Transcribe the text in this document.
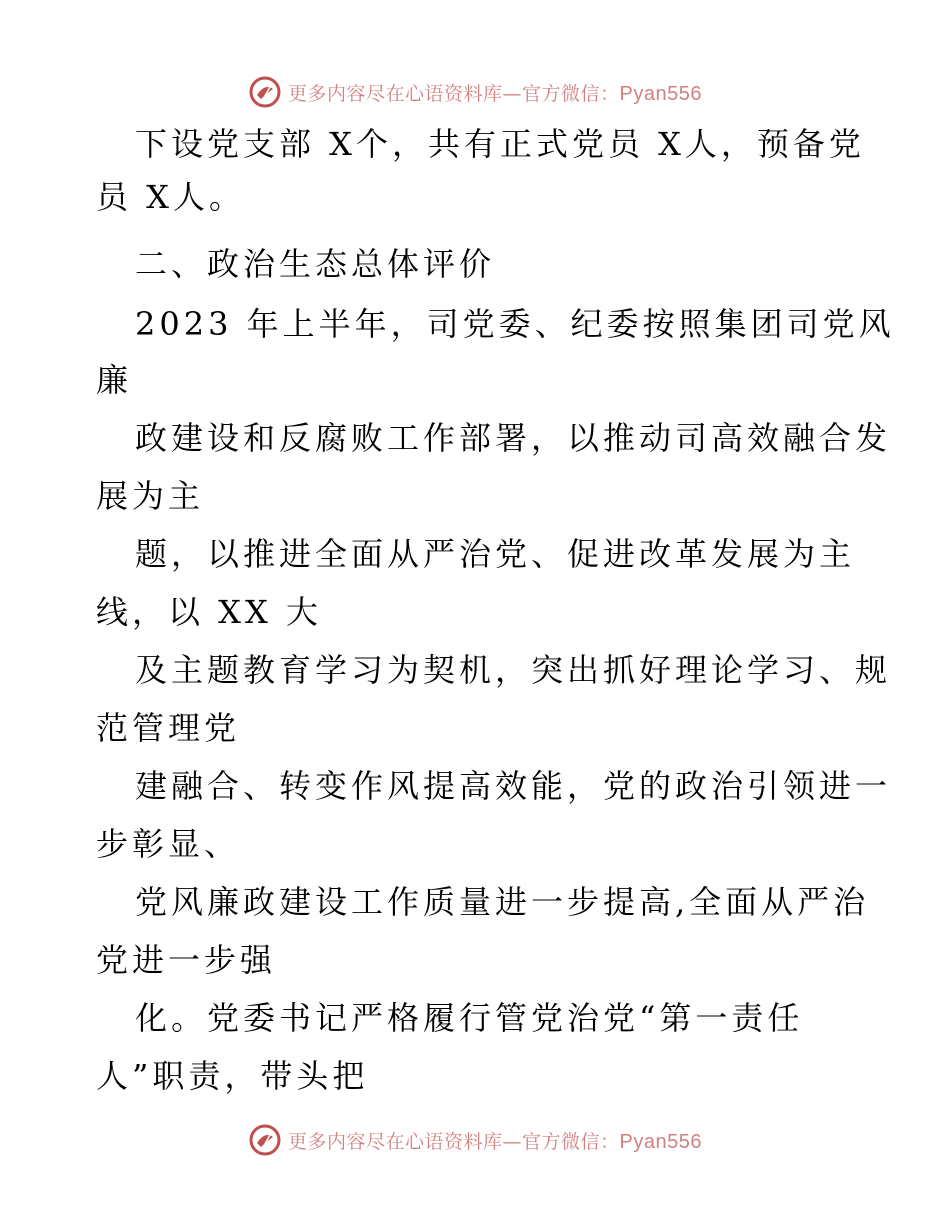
更多内容尽在心语资料库—官方微信：Pyan556
下设党支部 X个，共有正式党员 X人，预备党
员 X人。
二、政治生态总体评价
2023 年上半年，司党委、纪委按照集团司党风
廉
政建设和反腐败工作部署，以推动司高效融合发
展为主
题，以推进全面从严治党、促进改革发展为主
线，以 XX 大
及主题教育学习为契机，突出抓好理论学习、规
范管理党
建融合、转变作风提高效能，党的政治引领进一
步彰显、
党风廉政建设工作质量进一步提高,全面从严治
党进一步强
化。党委书记严格履行管党治党“第一责任
人”职责，带头把
更多内容尽在心语资料库—官方微信：Pyan556
